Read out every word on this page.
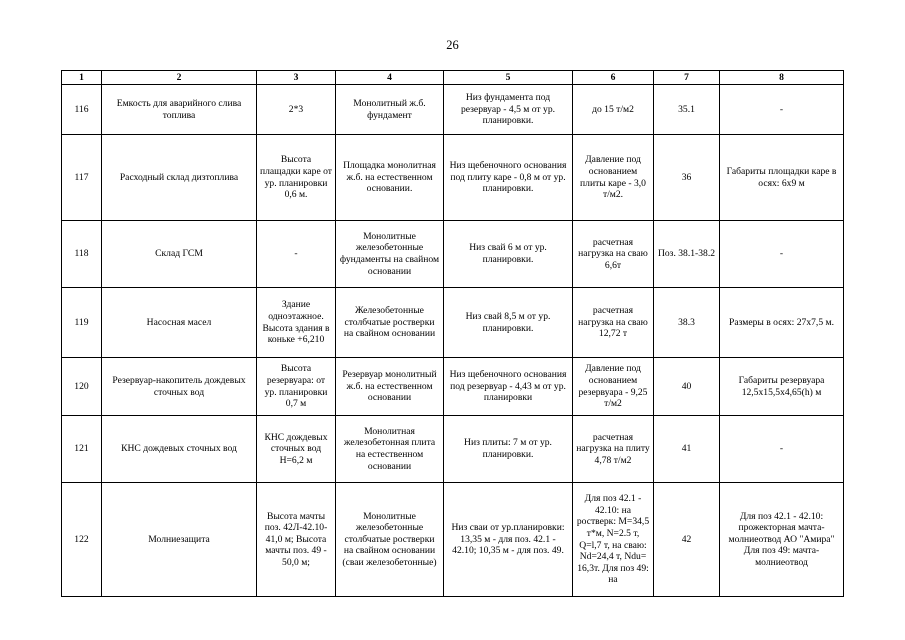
26
1	2	3	4	5	6	7	8
116	Емкость для аварийного слива топлива	2*3	Монолитный ж.б. фундамент	Низ фундамента под резервуар - 4,5 м от ур. планировки.	до 15 т/м2	35.1	-
117	Расходный склад дизтоплива	Высота плащадки каре от ур. планировки 0,6 м.	Площадка монолитная ж.б. на естественном основании.	Низ щебеночного основания под плиту каре - 0,8 м от ур. планировки.	Давление под основанием плиты каре - 3,0 т/м2.	36	Габариты площадки каре в осях: 6х9 м
118	Склад ГСМ	-	Монолитные железобетонные фундаменты на свайном основании	Низ свай 6 м от ур. планировки.	расчетная нагрузка на сваю 6,6т	Поз. 38.1-38.2	-
119	Насосная масел	Здание одноэтажное. Высота здания в коньке +6,210	Железобетонные столбчатые ростверки на свайном основании	Низ свай 8,5 м от ур. планировки.	расчетная нагрузка на сваю 12,72 т	38.3	Размеры в осях: 27х7,5 м.
120	Резервуар-накопитель дождевых сточных вод	Высота резервуара: от ур. планировки 0,7 м	Резервуар монолитный ж.б. на естественном основании	Низ щебеночного основания под резервуар - 4,43 м от ур. планировки	Давление под основанием резервуара - 9,25 т/м2	40	Габариты резервуара 12,5х15,5х4,65(h) м
121	КНС дождевых сточных вод	КНС дождевых сточных вод Н=6,2 м	Монолитная железобетонная плита на естественном основании	Низ плиты: 7 м от ур. планировки.	расчетная нагрузка на плиту 4,78 т/м2	41	-
122	Молниезащита	Высота мачты поз. 42Л-42.10-41,0 м; Высота мачты поз. 49 - 50,0 м;	Монолитные железобетонные столбчатые ростверки на свайном основании (сваи железобетонные)	Низ сваи от ур.планировки: 13,35 м - для поз. 42.1 - 42.10; 10,35 м - для поз. 49.	Для поз 42.1 - 42.10: на ростверк: М=34,5 т*м, N=2.5 т, Q=l,7 т, на сваю: Nd=24,4 т, Ndu= 16,3т. Для поз 49: на	42	Для поз 42.1 - 42.10: прожекторная мачта-молниеотвод АО "Амира" Для поз 49: мачта-молниеотвод
